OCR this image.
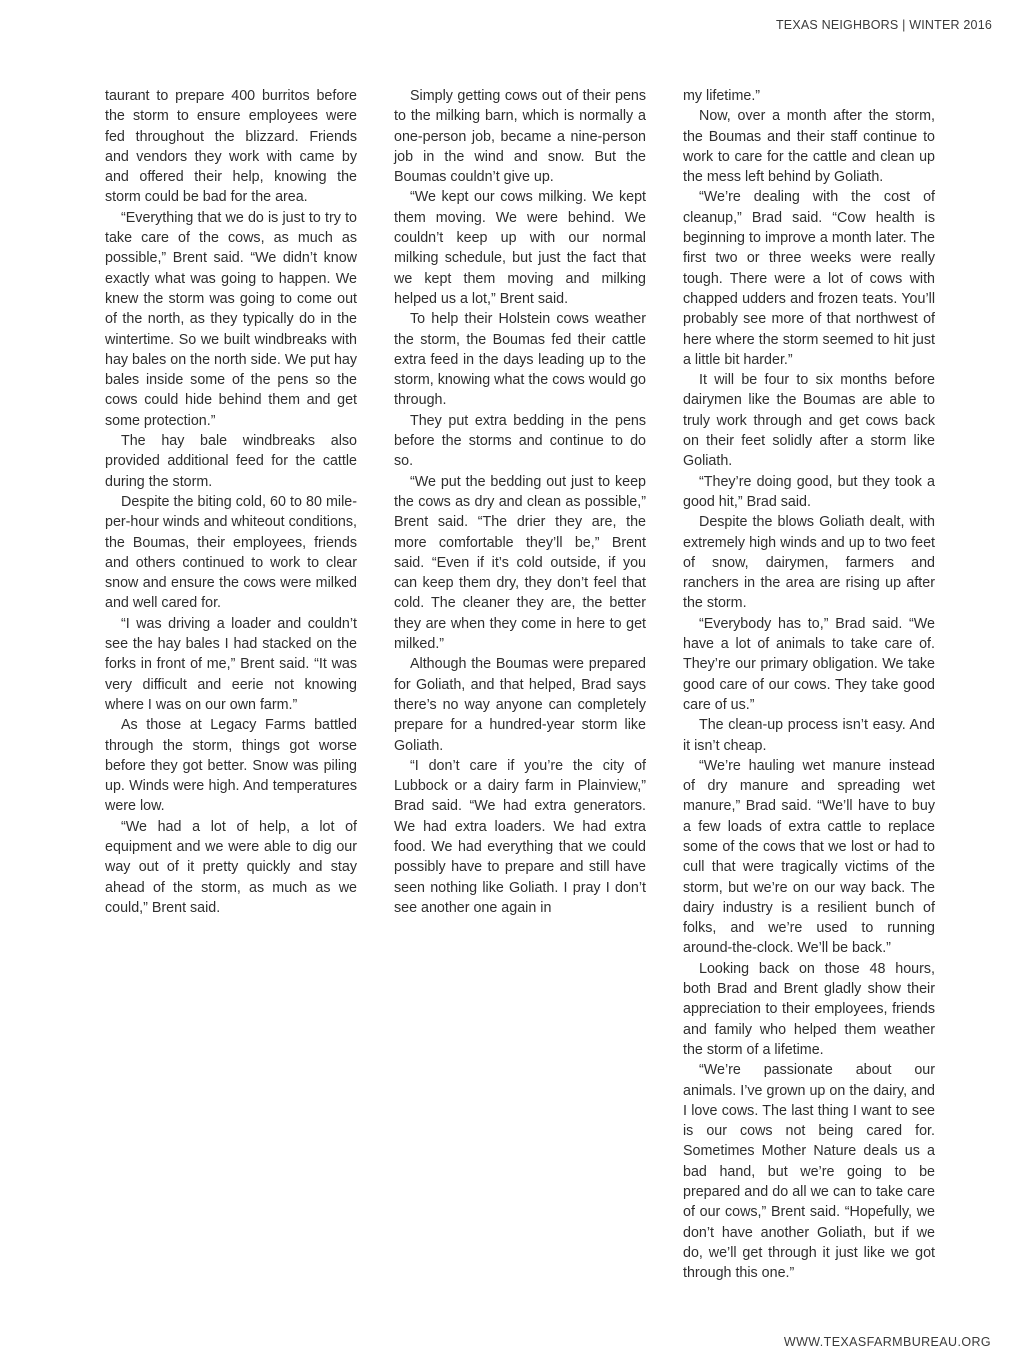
TEXAS NEIGHBORS | WINTER 2016

taurant to prepare 400 burritos before the storm to ensure employees were fed throughout the blizzard. Friends and vendors they work with came by and offered their help, knowing the storm could be bad for the area.

“Everything that we do is just to try to take care of the cows, as much as possible,” Brent said. “We didn’t know exactly what was going to happen. We knew the storm was going to come out of the north, as they typically do in the wintertime. So we built windbreaks with hay bales on the north side. We put hay bales inside some of the pens so the cows could hide behind them and get some protection.”

The hay bale windbreaks also provided additional feed for the cattle during the storm.

Despite the biting cold, 60 to 80 mile-per-hour winds and whiteout conditions, the Boumas, their employees, friends and others continued to work to clear snow and ensure the cows were milked and well cared for.

“I was driving a loader and couldn’t see the hay bales I had stacked on the forks in front of me,” Brent said. “It was very difficult and eerie not knowing where I was on our own farm.”

As those at Legacy Farms battled through the storm, things got worse before they got better. Snow was piling up. Winds were high. And temperatures were low.

“We had a lot of help, a lot of equipment and we were able to dig our way out of it pretty quickly and stay ahead of the storm, as much as we could,” Brent said.

Simply getting cows out of their pens to the milking barn, which is normally a one-person job, became a nine-person job in the wind and snow. But the Boumas couldn’t give up.

“We kept our cows milking. We kept them moving. We were behind. We couldn’t keep up with our normal milking schedule, but just the fact that we kept them moving and milking helped us a lot,” Brent said.

To help their Holstein cows weather the storm, the Boumas fed their cattle extra feed in the days leading up to the storm, knowing what the cows would go through.

They put extra bedding in the pens before the storms and continue to do so.

“We put the bedding out just to keep the cows as dry and clean as possible,” Brent said. “The drier they are, the more comfortable they’ll be,” Brent said. “Even if it’s cold outside, if you can keep them dry, they don’t feel that cold. The cleaner they are, the better they are when they come in here to get milked.”

Although the Boumas were prepared for Goliath, and that helped, Brad says there’s no way anyone can completely prepare for a hundred-year storm like Goliath.

“I don’t care if you’re the city of Lubbock or a dairy farm in Plainview,” Brad said. “We had extra generators. We had extra loaders. We had extra food. We had everything that we could possibly have to prepare and still have seen nothing like Goliath. I pray I don’t see another one again in

my lifetime.”

Now, over a month after the storm, the Boumas and their staff continue to work to care for the cattle and clean up the mess left behind by Goliath.

“We’re dealing with the cost of cleanup,” Brad said. “Cow health is beginning to improve a month later. The first two or three weeks were really tough. There were a lot of cows with chapped udders and frozen teats. You’ll probably see more of that northwest of here where the storm seemed to hit just a little bit harder.”

It will be four to six months before dairymen like the Boumas are able to truly work through and get cows back on their feet solidly after a storm like Goliath.

“They’re doing good, but they took a good hit,” Brad said.

Despite the blows Goliath dealt, with extremely high winds and up to two feet of snow, dairymen, farmers and ranchers in the area are rising up after the storm.

“Everybody has to,” Brad said. “We have a lot of animals to take care of. They’re our primary obligation. We take good care of our cows. They take good care of us.”

The clean-up process isn’t easy. And it isn’t cheap.

“We’re hauling wet manure instead of dry manure and spreading wet manure,” Brad said. “We’ll have to buy a few loads of extra cattle to replace some of the cows that we lost or had to cull that were tragically victims of the storm, but we’re on our way back. The dairy industry is a resilient bunch of folks, and we’re used to running around-the-clock. We’ll be back.”

Looking back on those 48 hours, both Brad and Brent gladly show their appreciation to their employees, friends and family who helped them weather the storm of a lifetime.

“We’re passionate about our animals. I’ve grown up on the dairy, and I love cows. The last thing I want to see is our cows not being cared for. Sometimes Mother Nature deals us a bad hand, but we’re going to be prepared and do all we can to take care of our cows,” Brent said. “Hopefully, we don’t have another Goliath, but if we do, we’ll get through it just like we got through this one.”

WWW.TEXASFARMBUREAU.ORG
